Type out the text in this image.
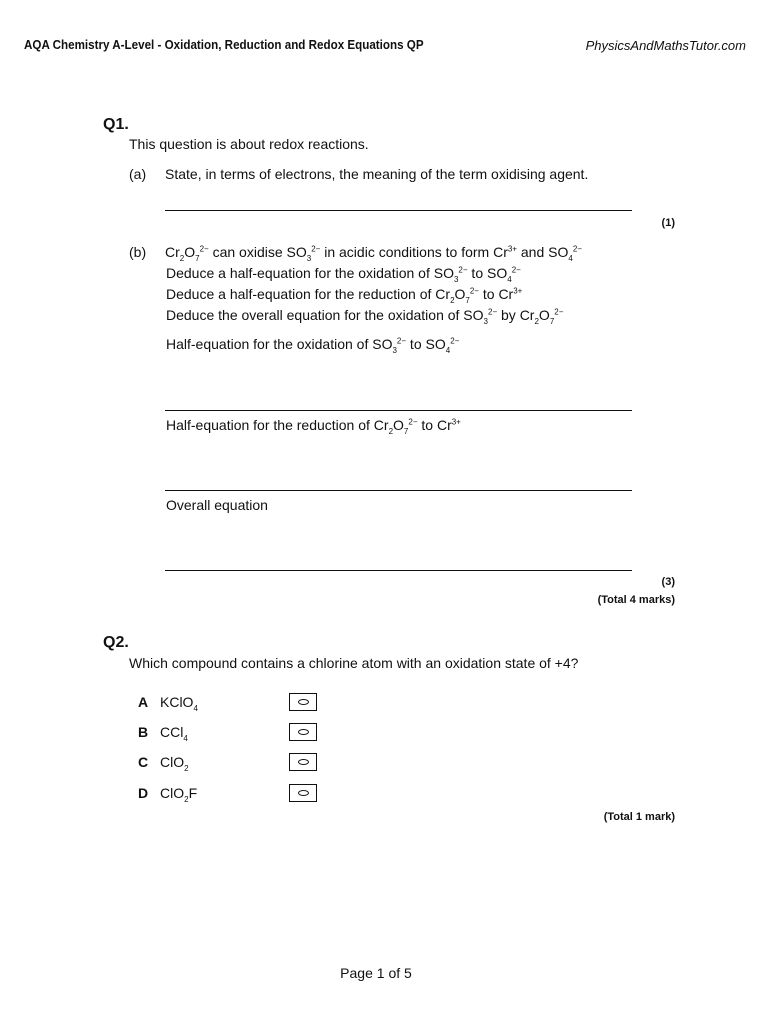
AQA Chemistry A-Level - Oxidation, Reduction and Redox Equations QP	PhysicsAndMathsTutor.com
Q1.
This question is about redox reactions.
(a) State, in terms of electrons, the meaning of the term oxidising agent.
(1)
(b) $Cr_2O_7^{2-}$ can oxidise $SO_3^{2-}$ in acidic conditions to form $Cr^{3+}$ and $SO_4^{2-}$
Deduce a half-equation for the oxidation of $SO_3^{2-}$ to $SO_4^{2-}$
Deduce a half-equation for the reduction of $Cr_2O_7^{2-}$ to $Cr^{3+}$
Deduce the overall equation for the oxidation of $SO_3^{2-}$ by $Cr_2O_7^{2-}$
Half-equation for the oxidation of $SO_3^{2-}$ to $SO_4^{2-}$
Half-equation for the reduction of $Cr_2O_7^{2-}$ to $Cr^{3+}$
Overall equation
(3)
(Total 4 marks)
Q2.
Which compound contains a chlorine atom with an oxidation state of +4?
A KClO$_4$
B CCl$_4$
C ClO$_2$
D ClO$_2$F
(Total 1 mark)
Page 1 of 5
